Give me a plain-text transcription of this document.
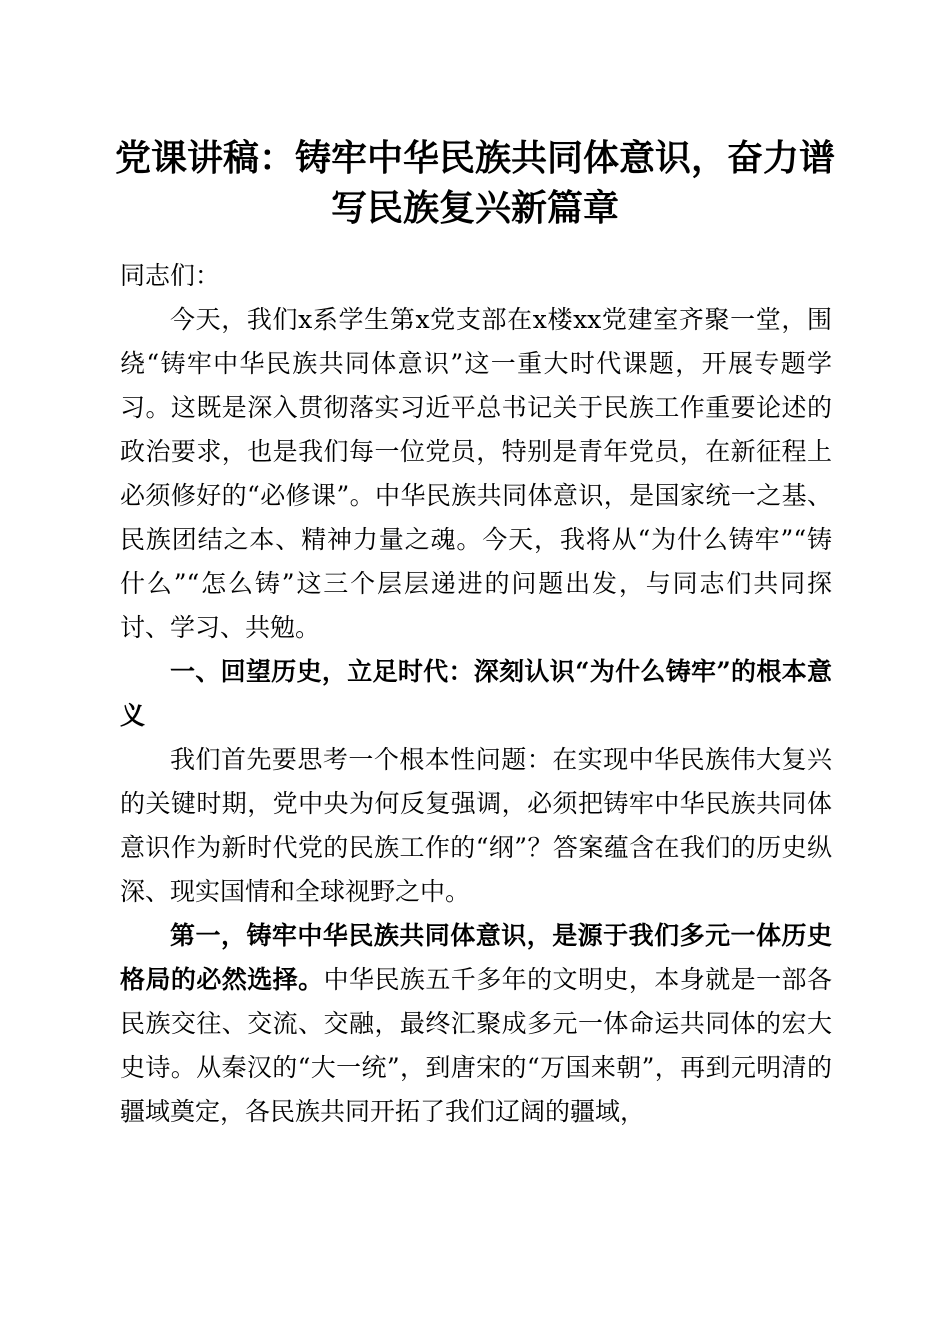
党课讲稿：铸牢中华民族共同体意识，奋力谱
写民族复兴新篇章

同志们：

今天，我们x系学生第x党支部在x楼xx党建室齐聚一堂，围绕“铸牢中华民族共同体意识”这一重大时代课题，开展专题学习。这既是深入贯彻落实习近平总书记关于民族工作重要论述的政治要求，也是我们每一位党员，特别是青年党员，在新征程上必须修好的“必修课”。中华民族共同体意识，是国家统一之基、民族团结之本、精神力量之魂。今天，我将从“为什么铸牢”“铸什么”“怎么铸”这三个层层递进的问题出发，与同志们共同探讨、学习、共勉。

一、回望历史，立足时代：深刻认识“为什么铸牢”的根本意义

我们首先要思考一个根本性问题：在实现中华民族伟大复兴的关键时期，党中央为何反复强调，必须把铸牢中华民族共同体意识作为新时代党的民族工作的“纲”？答案蕴含在我们的历史纵深、现实国情和全球视野之中。

第一，铸牢中华民族共同体意识，是源于我们多元一体历史格局的必然选择。中华民族五千多年的文明史，本身就是一部各民族交往、交流、交融，最终汇聚成多元一体命运共同体的宏大史诗。从秦汉的“大一统”，到唐宋的“万国来朝”，再到元明清的疆域奠定，各民族共同开拓了我们辽阔的疆域，
